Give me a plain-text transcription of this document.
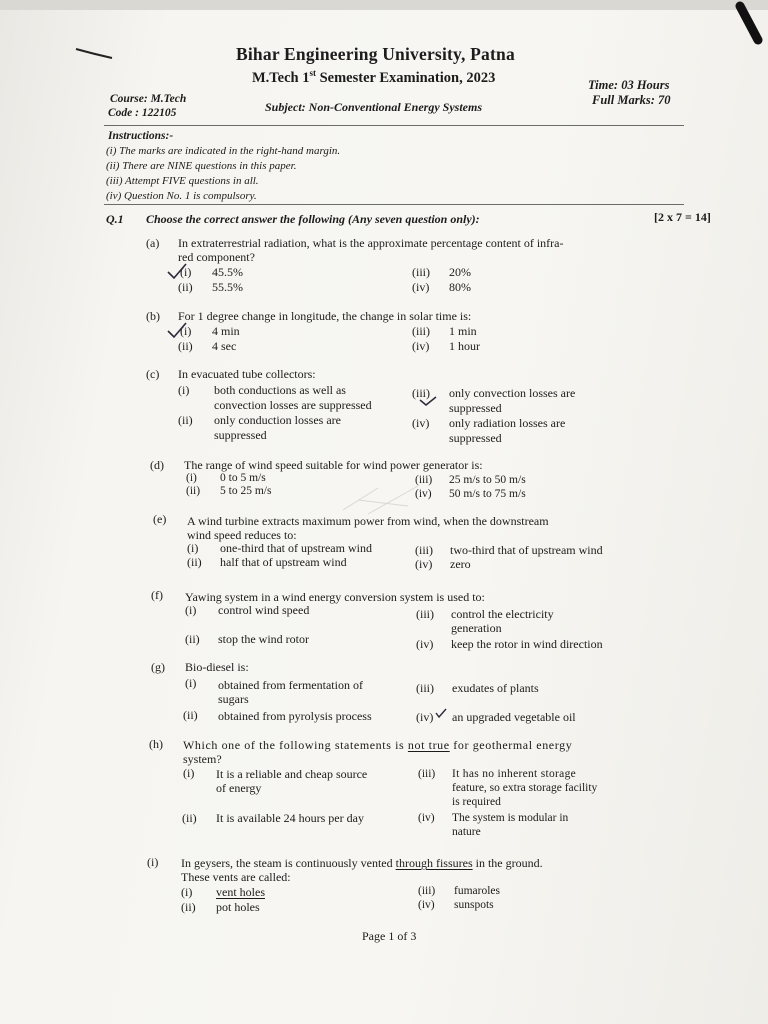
Bihar Engineering University, Patna
M.Tech 1st Semester Examination, 2023	Time: 03 Hours
Full Marks: 70
Course: M.Tech
Code : 122105	Subject: Non-Conventional Energy Systems
Instructions:-
(i) The marks are indicated in the right-hand margin.
(ii) There are NINE questions in this paper.
(iii) Attempt FIVE questions in all.
(iv) Question No. 1 is compulsory.
Q.1 Choose the correct answer the following (Any seven question only):	[2 x 7 = 14]
(a) In extraterrestrial radiation, what is the approximate percentage content of infra-
red component?
(i) 45.5%
(ii) 55.5%
(iii) 20%
(iv) 80%
(b) For 1 degree change in longitude, the change in solar time is:
(i) 4 min
(ii) 4 sec
(iii) 1 min
(iv) 1 hour
(c) In evacuated tube collectors:
(i) both conductions as well as
convection losses are suppressed
(ii) only conduction losses are
suppressed
(iii) only convection losses are
suppressed
(iv) only radiation losses are
suppressed
(d) The range of wind speed suitable for wind power generator is:
(i) 0 to 5 m/s
(ii) 5 to 25 m/s
(iii) 25 m/s to 50 m/s
(iv) 50 m/s to 75 m/s
(e) A wind turbine extracts maximum power from wind, when the downstream
wind speed reduces to:
(i) one-third that of upstream wind
(ii) half that of upstream wind
(iii) two-third that of upstream wind
(iv) zero
(f) Yawing system in a wind energy conversion system is used to:
(i) control wind speed
(ii) stop the wind rotor
(iii) control the electricity
generation
(iv) keep the rotor in wind direction
(g) Bio-diesel is:
(i) obtained from fermentation of
sugars
(ii) obtained from pyrolysis process
(iii) exudates of plants
(iv) an upgraded vegetable oil
(h) Which one of the following statements is not true for geothermal energy
system?
(i) It is a reliable and cheap source
of energy
(ii) It is available 24 hours per day
(iii) It has no inherent storage
feature, so extra storage facility
is required
(iv) The system is modular in
nature
(i) In geysers, the steam is continuously vented through fissures in the ground.
These vents are called:
(i) vent holes
(ii) pot holes
(iii) fumaroles
(iv) sunspots
Page 1 of 3
